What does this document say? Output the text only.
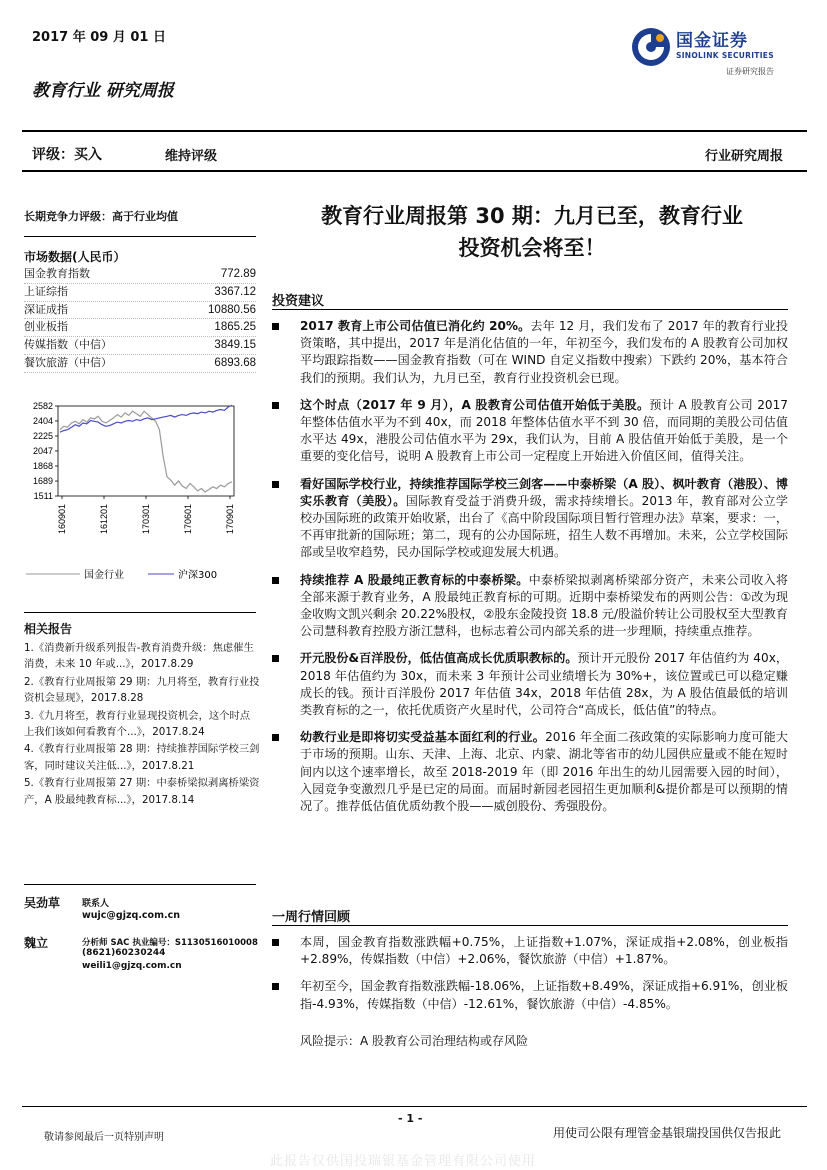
2017 年 09 月 01 日	国金证券
SINOLINK SECURITIES
证券研究报告
教育行业 研究周报
评级：买入	维持评级	行业研究周报
长期竞争力评级：高于行业均值
市场数据(人民币）
国金教育指数	772.89
上证综指	3367.12
深证成指	10880.56
创业板指	1865.25
传媒指数（中信）	3849.15
餐饮旅游（中信）	6893.68
2582
2404
2225
2047
1868
1689
1511
160901	161201	170301	170601	170901
国金行业	沪深300
相关报告

1.《消费新升级系列报告-教育消费升级：焦虑催生消费，未来 10 年或...》，2017.8.29

2.《教育行业周报第 29 期：九月将至，教育行业投资机会显现》，2017.8.28

3.《九月将至，教育行业显现投资机会，这个时点上我们该如何看教育个...》，2017.8.24

4.《教育行业周报第 28 期：持续推荐国际学校三剑客，同时建议关注低...》，2017.8.21

5.《教育行业周报第 27 期：中泰桥梁拟剥离桥梁资产，A 股最纯教育标...》，2017.8.14

吴劲草 联系人
wujc@gjzq.com.cn
魏立	分析师 SAC 执业编号：S1130516010008
(8621)60230244
weili1@gjzq.com.cn
教育行业周报第 30 期：九月已至，教育行业
投资机会将至！
投资建议
2017 教育上市公司估值已消化约 20%。去年 12 月，我们发布了 2017 年的教育行业投资策略，其中提出，2017 年是消化估值的一年，年初至今，我们发布的 A 股教育公司加权平均跟踪指数——国金教育指数（可在 WIND 自定义指数中搜索）下跌约 20%，基本符合我们的预期。我们认为，九月已至，教育行业投资机会已现。
这个时点（2017 年 9 月），A 股教育公司估值开始低于美股。预计 A 股教育公司 2017 年整体估值水平为不到 40x，而 2018 年整体估值水平不到 30 倍，而同期的美股公司估值水平达 49x，港股公司估值水平为 29x，我们认为，目前 A 股估值开始低于美股，是一个重要的变化信号，说明 A 股教育上市公司一定程度上开始进入价值区间，值得关注。
看好国际学校行业，持续推荐国际学校三剑客——中泰桥梁（A 股）、枫叶教育（港股）、博实乐教育（美股）。国际教育受益于消费升级，需求持续增长。2013 年，教育部对公立学校办国际班的政策开始收紧，出台了《高中阶段国际项目暂行管理办法》草案，要求：一，不再审批新的国际班；第二，现有的公办国际班，招生人数不再增加。未来，公立学校国际部或呈收窄趋势，民办国际学校或迎发展大机遇。
持续推荐 A 股最纯正教育标的中泰桥梁。中泰桥梁拟剥离桥梁部分资产，未来公司收入将全部来源于教育业务，A 股最纯正教育标的可期。近期中泰桥梁发布的两则公告：①改为现金收购文凯兴剩余 20.22%股权，②股东金陵投资 18.8 元/股溢价转让公司股权至大型教育公司慧科教育控股方浙江慧科，也标志着公司内部关系的进一步理顺，持续重点推荐。
开元股份&百洋股份，低估值高成长优质职教标的。预计开元股份 2017 年估值约为 40x，2018 年估值约为 30x，而未来 3 年预计公司业绩增长为 30%+，该位置或已可以稳定赚成长的钱。预计百洋股份 2017 年估值 34x，2018 年估值 28x，为 A 股估值最低的培训类教育标的之一，依托优质资产火星时代，公司符合“高成长，低估值”的特点。
幼教行业是即将切实受益基本面红利的行业。2016 年全面二孩政策的实际影响力度可能大于市场的预期。山东、天津、上海、北京、内蒙、湖北等省市的幼儿园供应量或不能在短时间内以这个速率增长，故至 2018-2019 年（即 2016 年出生的幼儿园需要入园的时间），入园竞争变激烈几乎是已定的局面。而届时新园老园招生更加顺利&提价都是可以预期的情况了。推荐低估值优质幼教个股——威创股份、秀强股份。
一周行情回顾
本周，国金教育指数涨跌幅+0.75%，上证指数+1.07%，深证成指+2.08%，创业板指+2.89%，传媒指数（中信）+2.06%，餐饮旅游（中信）+1.87%。
年初至今，国金教育指数涨跌幅-18.06%，上证指数+8.49%，深证成指+6.91%，创业板指-4.93%，传媒指数（中信）-12.61%，餐饮旅游（中信）-4.85%。
风险提示：A 股教育公司治理结构或存风险
- 1 -
敬请参阅最后一页特别声明	用使司公限有理管金基银瑞投国供仅告报此
此报告仅供国投瑞银基金管理有限公司使用
